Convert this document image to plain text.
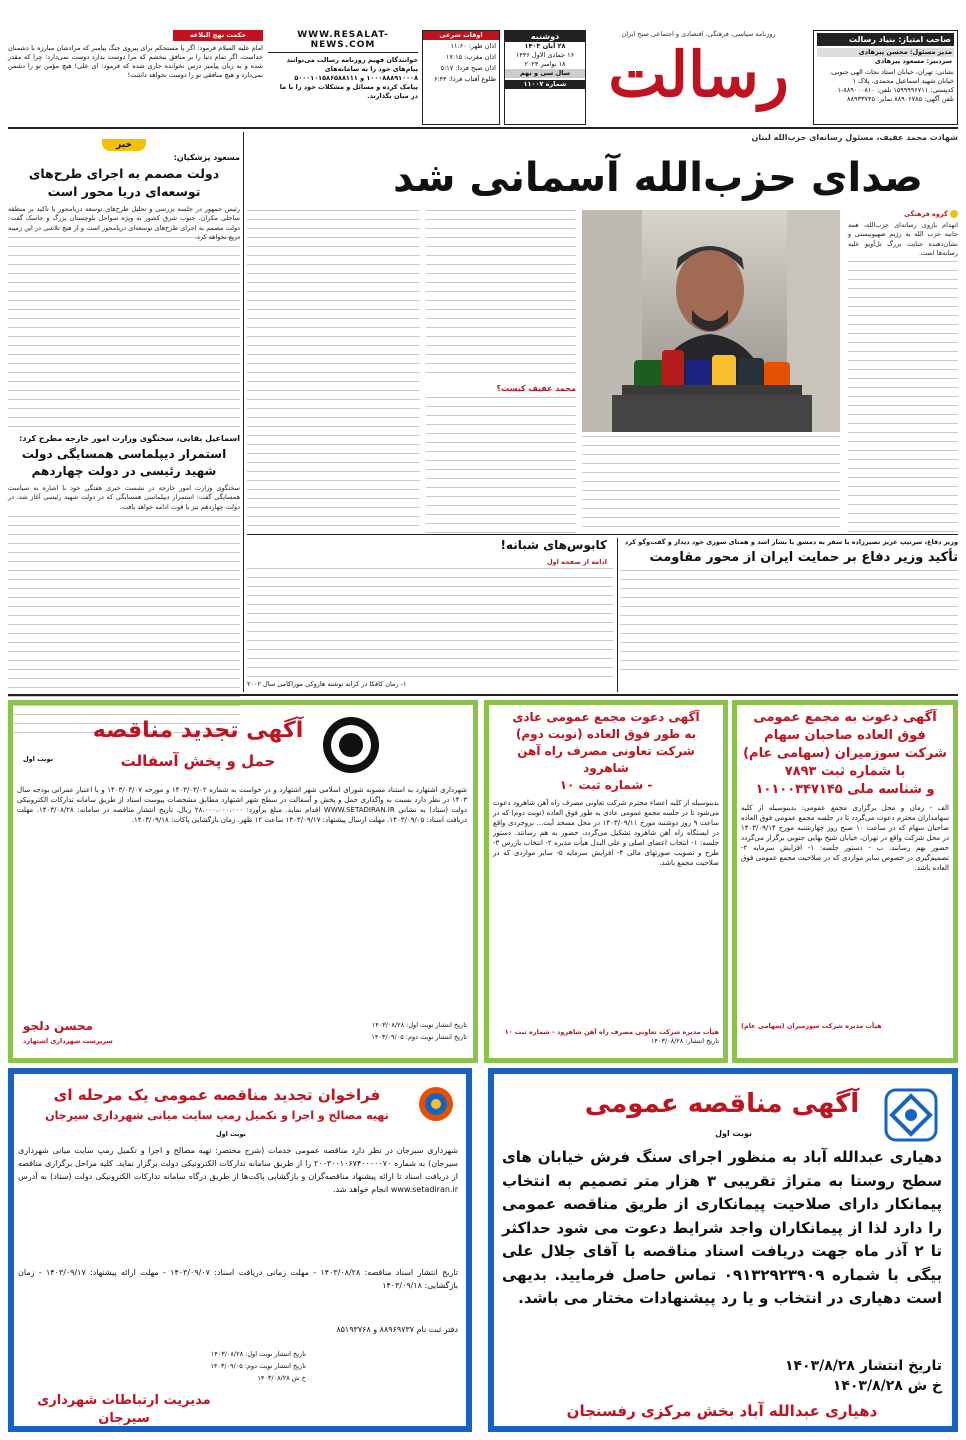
صاحب امتیاز: بنیاد رسالت
مدیر مسئول: محسن پیرهادی
سردبیر: مسعود پیرهادی
نشانی: تهران، خیابان استاد نجات الهی جنوبی، خیابان شهید اسماعیل محمدی، پلاک ۱
کدپستی: ۱۵۹۹۹۹۶۷۱۱ تلفن: ۸۸۹۰۰۰۸۱۰-۱
تلفن آگهی: ۸۸۹۰۶۷۸۵ نمابر: ۸۸۹۳۳۷۴۵
روزنامه سیاسی، فرهنگی، اقتصادی و اجتماعی صبح ایران
رسالت
دوشنبه
۲۸ آبان ۱۴۰۳
۱۶ جمادی الاول ۱۴۴۶
۱۸ نوامبر ۲۰۲۴
سال سی و نهم
شماره ۱۱۰۰۷
اوقات شرعی
اذان ظهر: ۱۱:۶۰
اذان مغرب: ۱۷:۱۵
اذان صبح فردا: ۵:۱۷
طلوع آفتاب فردا: ۶:۴۴
WWW.RESALAT-NEWS.COM
خوانندگان فهیم روزنامه رسالت می‌توانند
پیام‌های خود را به سامانه‌های
۱۰۰۰۸۸۸۹۱۰۰۰۸ و ۵۰۰۰۱۰۱۵۸۶۵۸۸۱۱۱
پیامک کرده و مسائل و مشکلات خود را با ما
در میان بگذارند.
حکمت نهج البلاغه
امام علیه السلام فرمود: اگر پا مستحکم برای پیروی جنگ پیامبر که مرادشان مبارزه با دشمنان خداست، اگر تمام دنیا را بر منافق ببخشم که مرا دوست بدارد دوست نمی‌دارد؛ چرا که مقدر شده و به زبان پیامبر درس نخوانده جاری شده که فرمود: ای علی! هیچ مؤمن تو را دشمن نمی‌دارد و هیچ منافقی تو را دوست نخواهد داشت!
خبر
مسعود پزشکیان:
دولت مصمم به اجرای طرح‌های توسعه‌ای دریا محور است
رئیس جمهور در جلسه بررسی و تحلیل طرح‌های توسعه دریامحور با تاکید بر منطقه ساحلی مکران، جنوب شرق کشور به ویژه سواحل بلوچستان بزرگ و جاسک گفت: دولت مصمم به اجرای طرح‌های توسعه‌ای دریامحور است و از هیچ تلاشی در این زمینه دریغ نخواهد کرد.
اسماعیل بقایی، سخنگوی وزارت امور خارجه مطرح کرد:
استمرار دیپلماسی همسایگی دولت شهید رئیسی در دولت چهاردهم
سخنگوی وزارت امور خارجه در نشست خبری هفتگی خود با اشاره به سیاست همسایگی گفت: استمرار دیپلماسی همسایگی که در دولت شهید رئیسی آغاز شد، در دولت چهاردهم نیز با قوت ادامه خواهد یافت.
شهادت محمد عفیف، مسئول رسانه‌ای حزب‌الله لبنان
صدای حزب‌الله آسمانی شد
گروه فرهنگی
انهدام بازوی رسانه‌ای حزب‌الله، همه جانبه حزب الله به رژیم صهیونیستی و نشان‌دهنده جنایت بزرگ تل‌آویو علیه رسانه‌ها است.
محمد عفیف کیست؟
وزیر دفاع، سرتیپ عزیز نصیرزاده با سفر به دمشق با بشار اسد و همتای سوری خود دیدار و گفت‌وگو کرد
تأکید وزیر دفاع بر حمایت ایران از محور مقاومت
کابوس‌های شبانه!
ادامه از صفحه اول
۱- رمان کافکا در کرانه نوشته هاروکی موراکامی سال ۲۰۰۲
آگهی دعوت به مجمع عمومی
فوق العاده صاحبان سهام
شرکت سوزمیران (سهامی عام)
با شماره ثبت ۷۸۹۳
و شناسه ملی ۱۰۱۰۰۳۴۷۱۴۵
الف - زمان و محل برگزاری مجمع عمومی: بدینوسیله از کلیه سهامداران محترم دعوت می‌گردد تا در جلسه مجمع عمومی فوق العاده صاحبان سهام که در ساعت ۱۰ صبح روز چهارشنبه مورخ ۱۴۰۳/۰۹/۱۴ در محل شرکت واقع در تهران، خیابان شیخ بهایی جنوبی برگزار می‌گردد حضور بهم رسانند. ب - دستور جلسه: ۱- افزایش سرمایه ۲- تصمیم‌گیری در خصوص سایر مواردی که در صلاحیت مجمع عمومی فوق العاده باشد.
هیأت مدیره شرکت سوزمیران (سهامی عام)
آگهی دعوت مجمع عمومی عادی
به طور فوق العاده (نوبت دوم)
شرکت تعاونی مصرف راه آهن شاهرود
- شماره ثبت ۱۰
بدینوسیله از کلیه اعضاء محترم شرکت تعاونی مصرف راه آهن شاهرود دعوت می‌شود تا در جلسه مجمع عمومی عادی به طور فوق العاده (نوبت دوم) که در ساعت ۹ روز دوشنبه مورخ ۱۴۰۳/۰۹/۱۱ در محل مسجد آیت... بروجردی واقع در ایستگاه راه آهن شاهرود تشکیل می‌گردد، حضور به هم رسانند. دستور جلسه: ۱- انتخاب اعضای اصلی و علی البدل هیأت مدیره ۲- انتخاب بازرس ۳- طرح و تصویب صورتهای مالی ۴- افزایش سرمایه ۵- سایر مواردی که در صلاحیت مجمع باشد.
هیأت مدیره شرکت تعاونی مصرف راه آهن شاهرود - شماره ثبت ۱۰
تاریخ انتشار: ۱۴۰۳/۰۸/۲۸
نوبت اول
آگهی تجدید مناقصه
حمل و پخش آسفالت
شهرداری اشتهارد به استناد مصوبه شورای اسلامی شهر اشتهارد و در خواست به شماره ۱۴۰۳/۰۳/۰۲ و مورخه ۱۴۰۳/۰۳/۰۷ و با اعتبار عمرانی بودجه سال ۱۴۰۳ در نظر دارد نسبت به واگذاری حمل و پخش و آسفالت در سطح شهر اشتهارد مطابق مشخصات پیوست اسناد از طریق سامانه تدارکات الکترونیکی دولت (ستاد) به نشانی WWW.SETADIRAN.IR اقدام نماید. مبلغ برآورد: ۲۸،۰۰۰،۰۰۰،۰۰۰ ریال. تاریخ انتشار مناقصه در سامانه: ۱۴۰۳/۰۸/۲۸. مهلت دریافت اسناد: ۱۴۰۳/۰۹/۰۵. مهلت ارسال پیشنهاد: ۱۴۰۳/۰۹/۱۷ ساعت ۱۲ ظهر. زمان بازگشایی پاکات: ۱۴۰۳/۰۹/۱۸.
تاریخ انتشار نوبت اول: ۱۴۰۳/۰۸/۲۸
تاریخ انتشار نوبت دوم: ۱۴۰۳/۰۹/۰۵
محسن دلجو
سرپرست شهرداری اشتهارد
آگهی مناقصه عمومی
نوبت اول
دهیاری عبدالله آباد به منظور اجرای سنگ فرش خیابان های سطح روستا به متراژ تقریبی ۳ هزار متر تصمیم به انتخاب پیمانکار دارای صلاحیت پیمانکاری از طریق مناقصه عمومی را دارد لذا از پیمانکاران واجد شرایط دعوت می شود حداکثر تا ۲ آذر ماه جهت دریافت اسناد مناقصه با آقای جلال علی بیگی با شماره ۰۹۱۳۲۹۲۳۹۰۹ تماس حاصل فرمایید. بدیهی است دهیاری در انتخاب و یا رد پیشنهادات مختار می باشد.
تاریخ انتشار ۱۴۰۳/۸/۲۸
خ ش ۱۴۰۳/۸/۲۸
دهیاری عبدالله آباد بخش مرکزی رفسنجان
فراخوان تجدید مناقصه عمومی یک مرحله ای
تهیه مصالح و اجرا و تکمیل رمپ سایت میانی شهرداری سیرجان
نوبت اول
شهرداری سیرجان در نظر دارد مناقصه عمومی خدمات (شرح مختصر: تهیه مصالح و اجرا و تکمیل رمپ سایت میانی شهرداری سیرجان) به شماره ۲۰۰۳۰۰۱۰۶۷۴۰۰۰۰۰۷۰ را از طریق سامانه تدارکات الکترونیکی دولت برگزار نماید. کلیه مراحل برگزاری مناقصه از دریافت اسناد تا ارائه پیشنهاد مناقصه‌گران و بازگشایی پاکت‌ها از طریق درگاه سامانه تدارکات الکترونیکی دولت (ستاد) به آدرس www.setadiran.ir انجام خواهد شد.
تاریخ انتشار اسناد مناقصه: ۱۴۰۳/۰۸/۲۸ - مهلت زمانی دریافت اسناد: ۱۴۰۳/۰۹/۰۷ - مهلت ارائه پیشنهاد: ۱۴۰۳/۰۹/۱۷ - زمان بازگشایی: ۱۴۰۳/۰۹/۱۸
دفتر ثبت نام ۸۸۹۶۹۷۳۷ و ۸۵۱۹۳۷۶۸
تاریخ انتشار نوبت اول: ۱۴۰۳/۰۸/۲۸
تاریخ انتشار نوبت دوم: ۱۴۰۳/۰۹/۰۵
خ ش ۱۴۰۳/۰۸/۲۸
مدیریت ارتباطات شهرداری سیرجان
